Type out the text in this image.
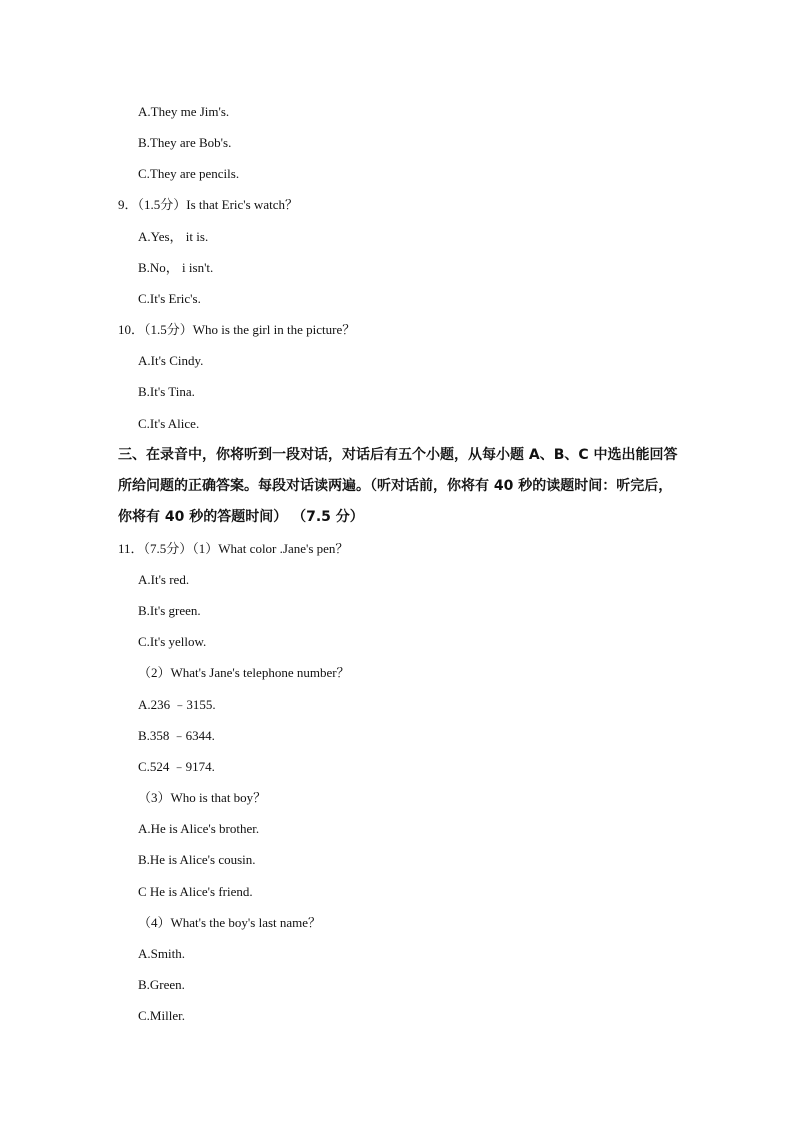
A.They me Jim's.
B.They are Bob's.
C.They are pencils.
9．（1.5分）Is that Eric's watch？
A.Yes， it is.
B.No， i isn't.
C.It's Eric's.
10．（1.5分）Who is the girl in the picture？
A.It's Cindy.
B.It's Tina.
C.It's Alice.
三、在录音中，你将听到一段对话，对话后有五个小题，从每小题 A、B、C 中选出能回答
所给问题的正确答案。每段对话读两遍。（听对话前，你将有 40 秒的读题时间：听完后，
你将有 40 秒的答题时间） （7.5 分）
11．（7.5分）（1）What color .Jane's pen？
A.It's red.
B.It's green.
C.It's yellow.
（2）What's Jane's telephone number？
A.236 ﹣3155.
B.358 ﹣6344.
C.524 ﹣9174.
（3）Who is that boy？
A.He is Alice's brother.
B.He is Alice's cousin.
C He is Alice's friend.
（4）What's the boy's last name？
A.Smith.
B.Green.
C.Miller.
